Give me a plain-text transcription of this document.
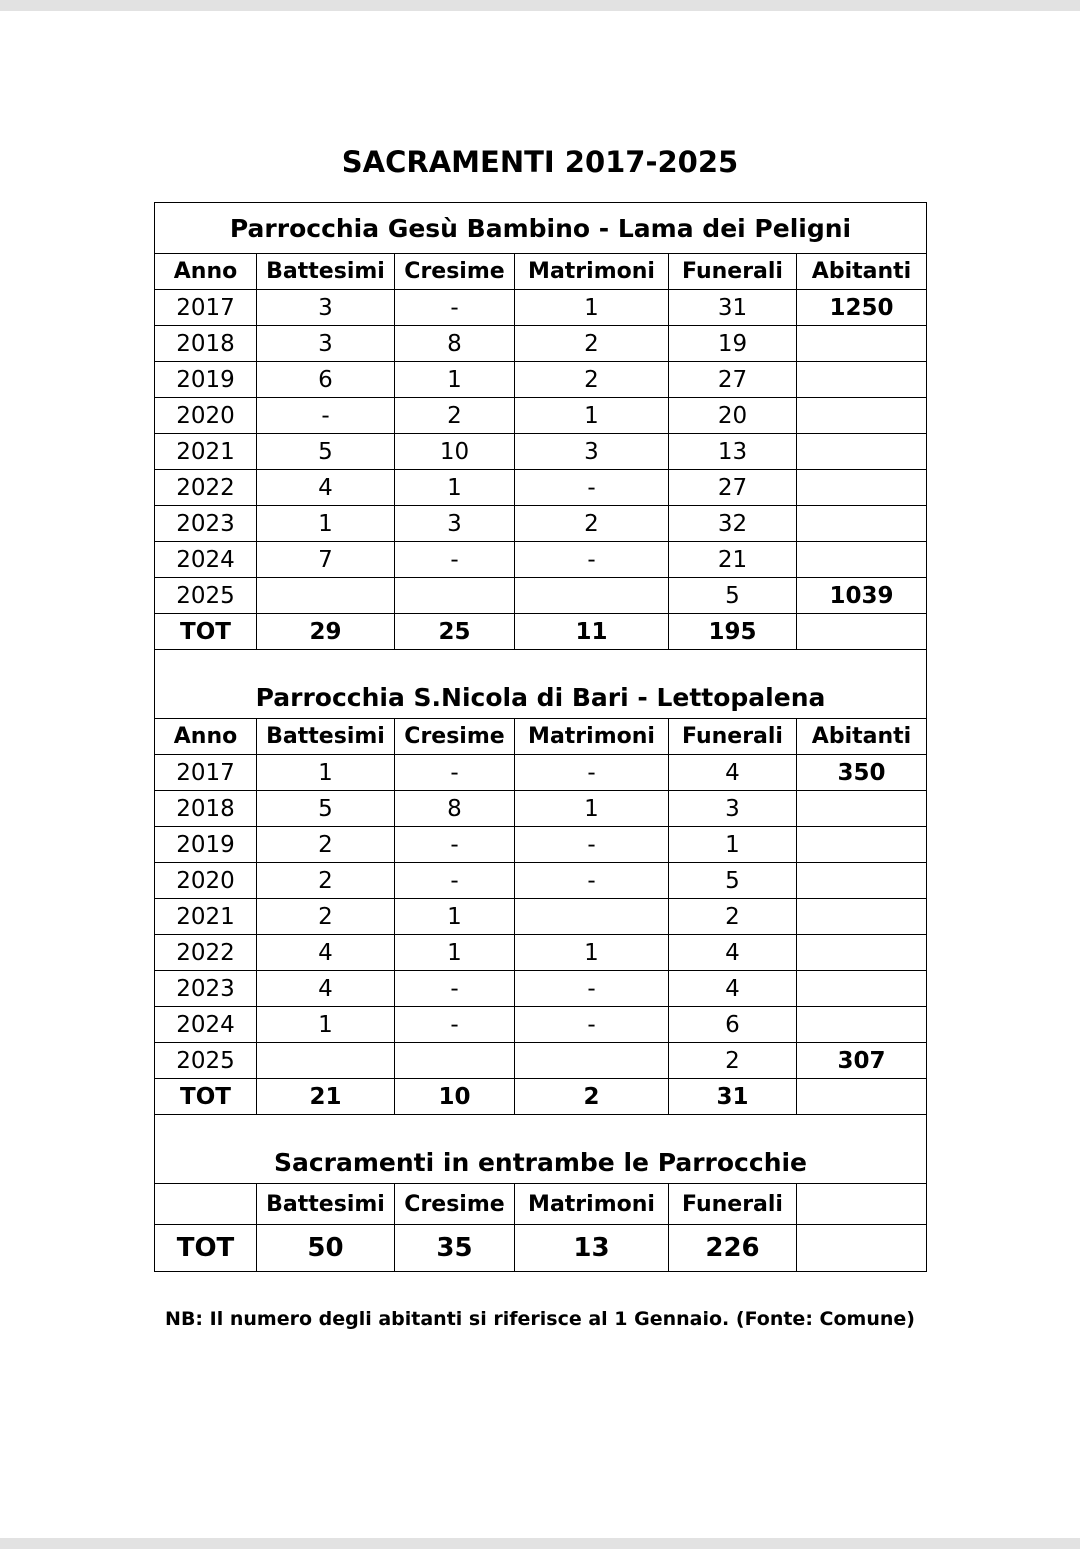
SACRAMENTI 2017-2025
Parrocchia Gesù Bambino - Lama dei Peligni					
Anno	Battesimi	Cresime	Matrimoni	Funerali	Abitanti
2017	3	-	1	31	1250
2018	3	8	2	19	
2019	6	1	2	27	
2020	-	2	1	20	
2021	5	10	3	13	
2022	4	1	-	27	
2023	1	3	2	32	
2024	7	-	-	21	
2025				5	1039
TOT	29	25	11	195	
Parrocchia S.Nicola di Bari - Lettopalena					
Anno	Battesimi	Cresime	Matrimoni	Funerali	Abitanti
2017	1	-	-	4	350
2018	5	8	1	3	
2019	2	-	-	1	
2020	2	-	-	5	
2021	2	1		2	
2022	4	1	1	4	
2023	4	-	-	4	
2024	1	-	-	6	
2025				2	307
TOT	21	10	2	31	
Sacramenti in entrambe le Parrocchie					
	Battesimi	Cresime	Matrimoni	Funerali	
TOT	50	35	13	226	
NB: Il numero degli abitanti si riferisce al 1 Gennaio. (Fonte: Comune)
